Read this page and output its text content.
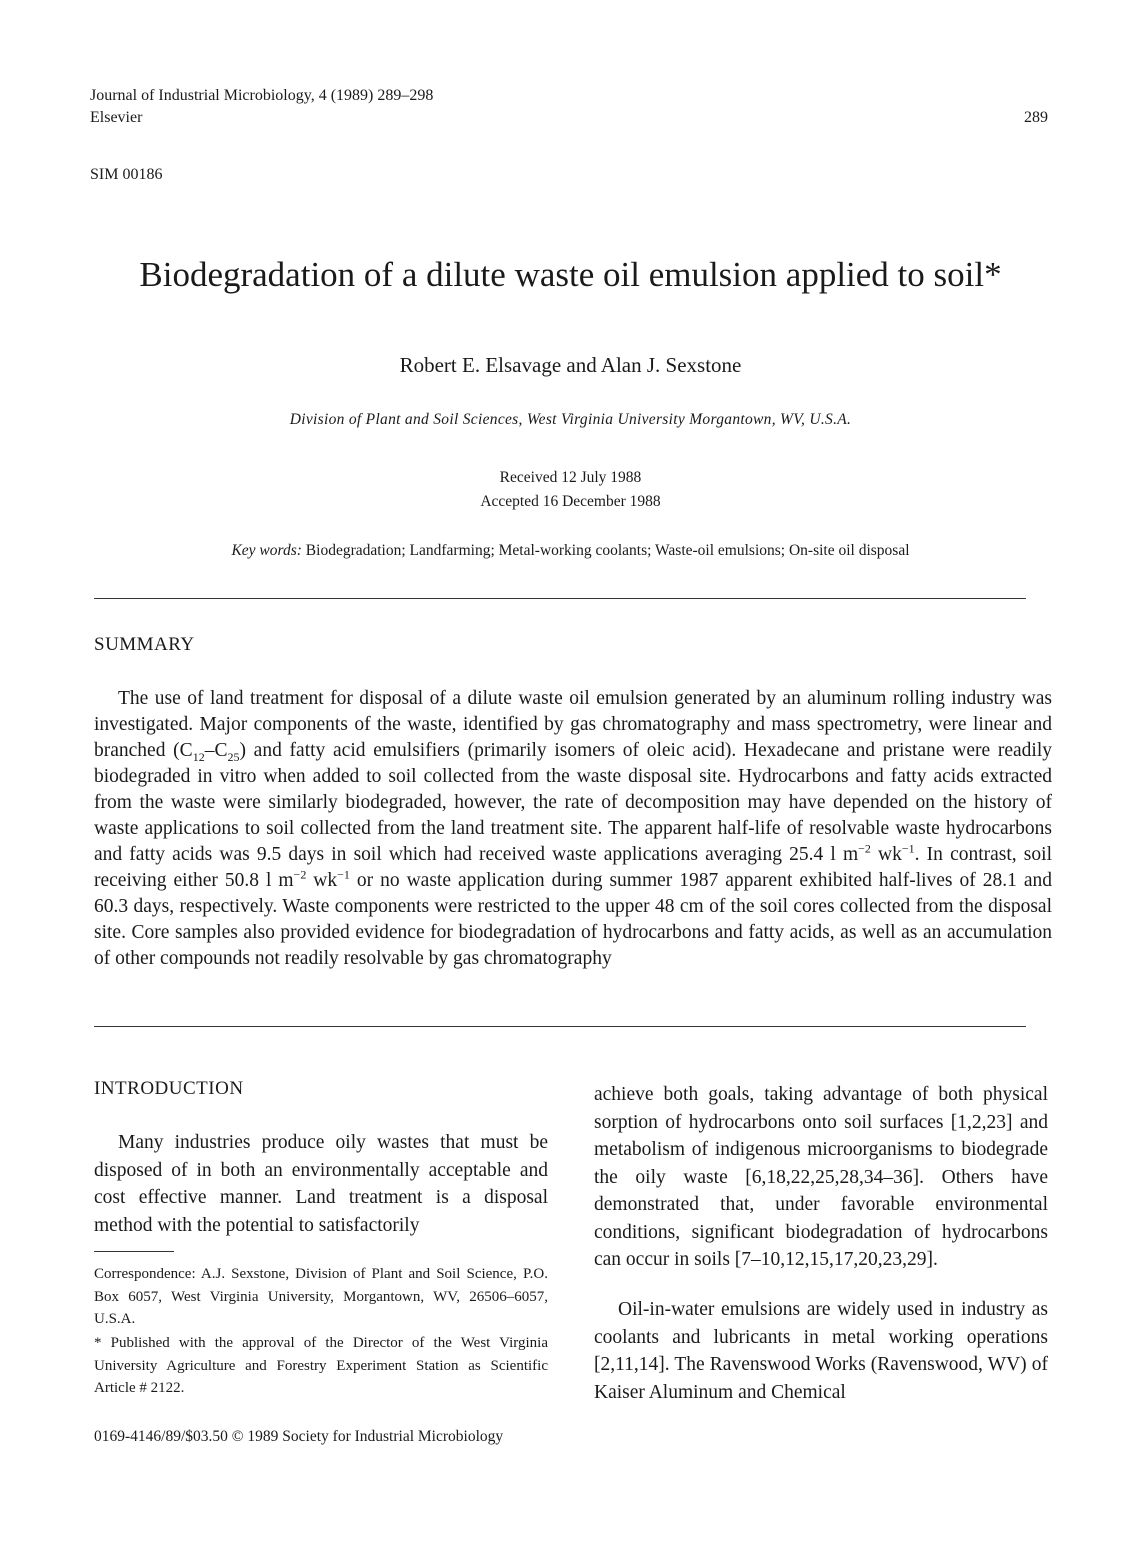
Journal of Industrial Microbiology, 4 (1989) 289–298
Elsevier	289
SIM 00186
Biodegradation of a dilute waste oil emulsion applied to soil*
Robert E. Elsavage and Alan J. Sexstone
Division of Plant and Soil Sciences, West Virginia University Morgantown, WV, U.S.A.
Received 12 July 1988
Accepted 16 December 1988
Key words: Biodegradation; Landfarming; Metal-working coolants; Waste-oil emulsions; On-site oil disposal
SUMMARY

The use of land treatment for disposal of a dilute waste oil emulsion generated by an aluminum rolling industry was investigated. Major components of the waste, identified by gas chromatography and mass spectrometry, were linear and branched $(C_{12}-C_{25})$ and fatty acid emulsifiers (primarily isomers of oleic acid). Hexadecane and pristane were readily biodegraded in vitro when added to soil collected from the waste disposal site. Hydrocarbons and fatty acids extracted from the waste were similarly biodegraded, however, the rate of decomposition may have depended on the history of waste applications to soil collected from the land treatment site. The apparent half-life of resolvable waste hydrocarbons and fatty acids was 9.5 days in soil which had received waste applications averaging 25.4 l $m^{-2}$ $wk^{-1}$. In contrast, soil receiving either 50.8 l $m^{-2}$ $wk^{-1}$ or no waste application during summer 1987 apparent exhibited half-lives of 28.1 and 60.3 days, respectively. Waste components were restricted to the upper 48 cm of the soil cores collected from the disposal site. Core samples also provided evidence for biodegradation of hydrocarbons and fatty acids, as well as an accumulation of other compounds not readily resolvable by gas chromatography

INTRODUCTION

Many industries produce oily wastes that must be disposed of in both an environmentally acceptable and cost effective manner. Land treatment is a disposal method with the potential to satisfactorily

Correspondence: A.J. Sexstone, Division of Plant and Soil Science, P.O. Box 6057, West Virginia University, Morgantown, WV, 26506–6057, U.S.A.

* Published with the approval of the Director of the West Virginia University Agriculture and Forestry Experiment Station as Scientific Article # 2122.

0169-4146/89/$03.50 © 1989 Society for Industrial Microbiology

achieve both goals, taking advantage of both physical sorption of hydrocarbons onto soil surfaces [1,2,23] and metabolism of indigenous microorganisms to biodegrade the oily waste [6,18,22,25,28,34–36]. Others have demonstrated that, under favorable environmental conditions, significant biodegradation of hydrocarbons can occur in soils [7–10,12,15,17,20,23,29].

Oil-in-water emulsions are widely used in industry as coolants and lubricants in metal working operations [2,11,14]. The Ravenswood Works (Ravenswood, WV) of Kaiser Aluminum and Chemical
